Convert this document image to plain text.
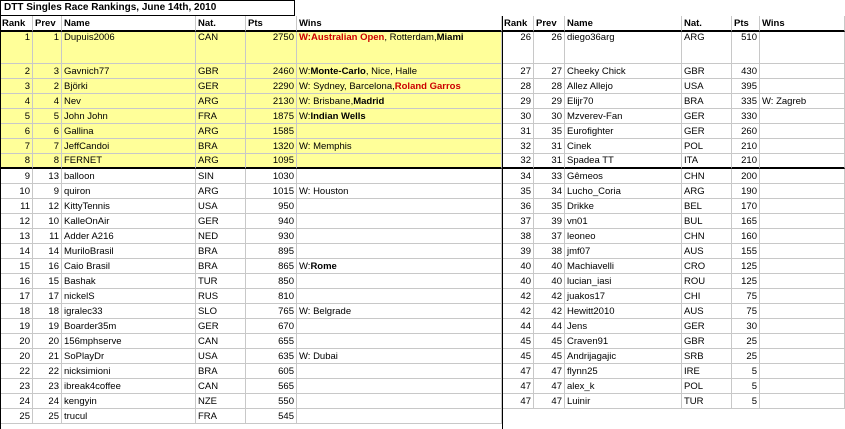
DTT Singles Race Rankings, June 14th, 2010
Rank	Prev Name	Nat.	Pts	Wins
1	1 Dupuis2006	CAN	2750 W: Australian Open , Rotterdam, Miami
2	3 Gavnich77	GBR	2460 W: Monte-Carlo , Nice, Halle
3	2 Björki	GER	2290 W: Sydney, Barcelona, Roland Garros
4	4 Nev	ARG	2130 W: Brisbane, Madrid
5	5 John John	FRA	1875 W: Indian Wells
6	6 Gallina	ARG	1585
7	7 JeffCandoi	BRA	1320 W: Memphis
8	8 FERNET	ARG	1095
9	13 balloon	SIN	1030
10	9 quiron	ARG	1015 W: Houston
11	12 KittyTennis	USA	950
12	10 KalleOnAir	GER	940
13	11 Adder A216	NED	930
14	14 MuriloBrasil	BRA	895
15	16 Caio Brasil	BRA	865 W: Rome
16	15 Bashak	TUR	850
17	17 nickelS	RUS	810
18	18 igralec33	SLO	765 W: Belgrade
19	19 Boarder35m	GER	670
20	20 156mphserve	CAN	655
20	21 SoPlayDr	USA	635 W: Dubai
22	22 nicksimioni	BRA	605
23	23 ibreak4coffee	CAN	565
24	24 kengyin	NZE	550
25	25 trucul	FRA	545
Rank Prev	Name	Nat.	Pts	Wins
26	26 diego36arg	ARG	510
27	27 Cheeky Chick	GBR	430
28	28 Allez Allejo	USA	395
29	29 Elijr70	BRA	335 W: Zagreb
30	30 Mzverev-Fan	GER	330
31	35 Eurofighter	GER	260
32	31 Cinek	POL	210
32	31 Spadea TT	ITA	210
34	33 Gêmeos	CHN	200
35	34 Lucho_Coria	ARG	190
36	35 Drikke	BEL	170
37	39 vn01	BUL	165
38	37 leoneo	CHN	160
39	38 jmf07	AUS	155
40	40 Machiavelli	CRO	125
40	40 lucian_iasi	ROU	125
42	42 juakos17	CHI	75
42	42 Hewitt2010	AUS	75
44	44 Jens	GER	30
45	45 Craven91	GBR	25
45	45 Andrijagajic	SRB	25
47	47 flynn25	IRE	5
47	47 alex_k	POL	5
47	47 Luinir	TUR	5
